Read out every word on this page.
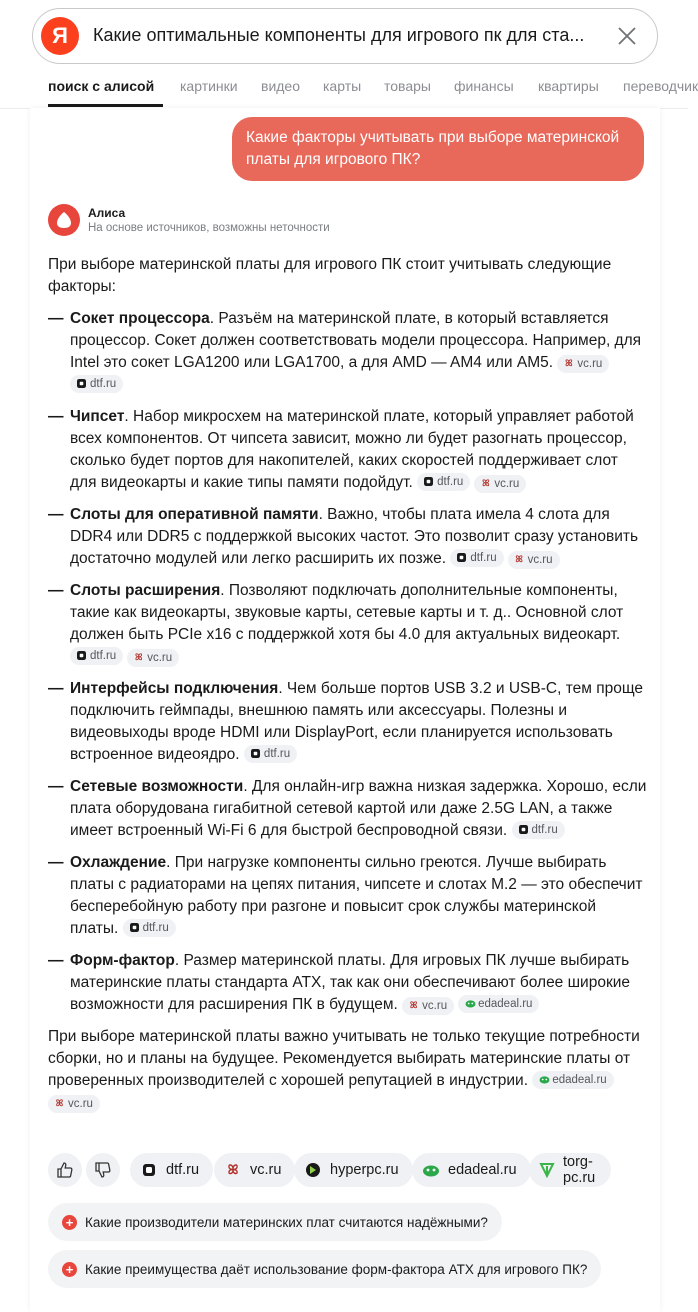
Я	Какие оптимальные компоненты для игрового пк для ста...
поиск с алисой картинки видео карты товары финансы квартиры переводчик
Какие факторы учитывать при выборе материнской платы для игрового ПК?
Алиса
На основе источников, возможны неточности

При выборе материнской платы для игрового ПК стоит учитывать следующие факторы:

— Сокет процессора. Разъём на материнской плате, в который вставляется процессор. Сокет должен соответствовать модели процессора. Например, для Intel это сокет LGA1200 или LGA1700, а для AMD — AM4 или AM5. ꕤ vc.ru
dtf.ru
— Чипсет. Набор микросхем на материнской плате, который управляет работой всех компонентов. От чипсета зависит, можно ли будет разогнать процессор, сколько будет портов для накопителей, каких скоростей поддерживает слот для видеокарты и какие типы памяти подойдут. dtf.ru ꕤ vc.ru
— Слоты для оперативной памяти. Важно, чтобы плата имела 4 слота для DDR4 или DDR5 с поддержкой высоких частот. Это позволит сразу установить достаточно модулей или легко расширить их позже. dtf.ru ꕤ vc.ru
— Слоты расширения. Позволяют подключать дополнительные компоненты, такие как видеокарты, звуковые карты, сетевые карты и т. д.. Основной слот должен быть PCIe x16 с поддержкой хотя бы 4.0 для актуальных видеокарт.
dtf.ru ꕤ vc.ru
— Интерфейсы подключения. Чем больше портов USB 3.2 и USB-C, тем проще подключить геймпады, внешнюю память или аксессуары. Полезны и видеовыходы вроде HDMI или DisplayPort, если планируется использовать встроенное видеоядро. dtf.ru
— Сетевые возможности. Для онлайн-игр важна низкая задержка. Хорошо, если плата оборудована гигабитной сетевой картой или даже 2.5G LAN, а также имеет встроенный Wi-Fi 6 для быстрой беспроводной связи. dtf.ru
— Охлаждение. При нагрузке компоненты сильно греются. Лучше выбирать платы с радиаторами на цепях питания, чипсете и слотах M.2 — это обеспечит бесперебойную работу при разгоне и повысит срок службы материнской платы. dtf.ru
— Форм-фактор. Размер материнской платы. Для игровых ПК лучше выбирать материнские платы стандарта ATX, так как они обеспечивают более широкие возможности для расширения ПК в будущем. ꕤ vc.ru	edadeal.ru

При выборе материнской платы важно учитывать не только текущие потребности сборки, но и планы на будущее. Рекомендуется выбирать материнские платы от проверенных производителей с хорошей репутацией в индустрии. edadeal.ru
ꕤ vc.ru

dtf.ru ꕤ vc.ru	hyperpc.ru	edadeal.ru	torg-pc.ru
+ Какие производители материнских плат считаются надёжными?
+ Какие преимущества даёт использование форм-фактора ATX для игрового ПК?
